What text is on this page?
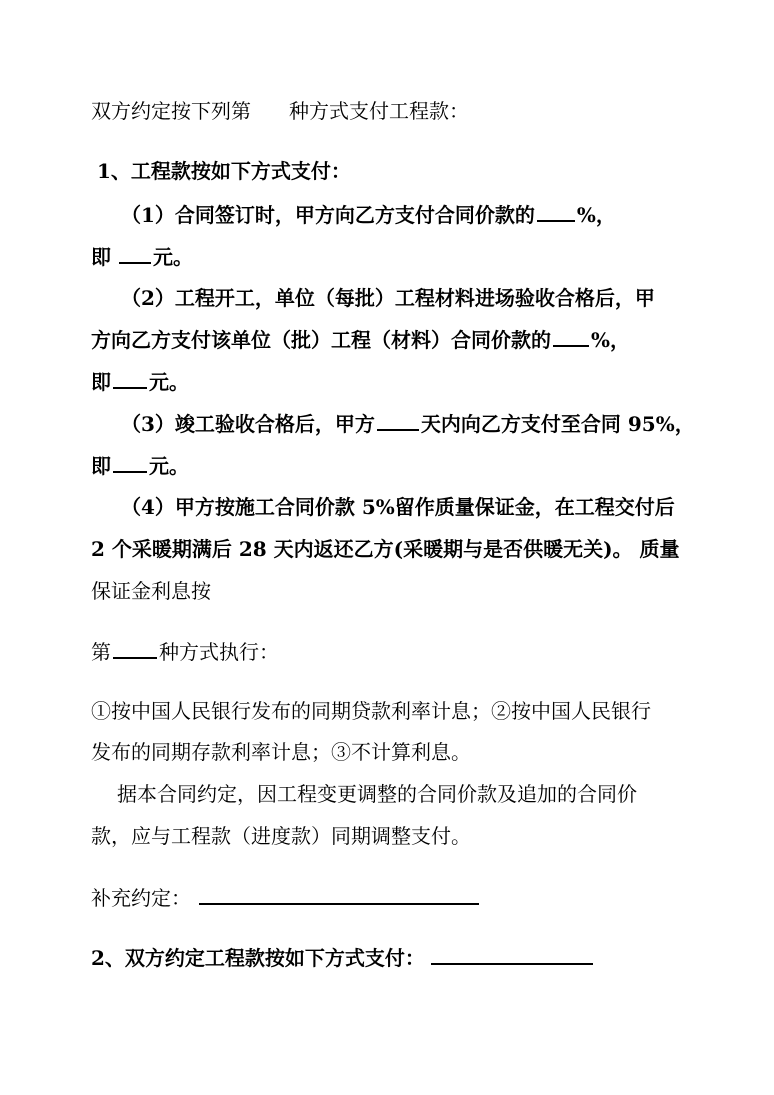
双方约定按下列第 种方式支付工程款：
1、工程款按如下方式支付：
（1）合同签订时，甲方向乙方支付合同价款的 %，
即 元。
（2）工程开工，单位（每批）工程材料进场验收合格后，甲
方向乙方支付该单位（批）工程（材料）合同价款的 %，
即 元。
（3）竣工验收合格后，甲方 天内向乙方支付至合同 95%，
即 元。
（4）甲方按施工合同价款 5%留作质量保证金，在工程交付后
2 个采暖期满后 28 天内返还乙方(采暖期与是否供暖无关)。 质量
保证金利息按
第 种方式执行：
①按中国人民银行发布的同期贷款利率计息；②按中国人民银行
发布的同期存款利率计息；③不计算利息。
据本合同约定，因工程变更调整的合同价款及追加的合同价
款，应与工程款（进度款）同期调整支付。
补充约定：
2、双方约定工程款按如下方式支付：
